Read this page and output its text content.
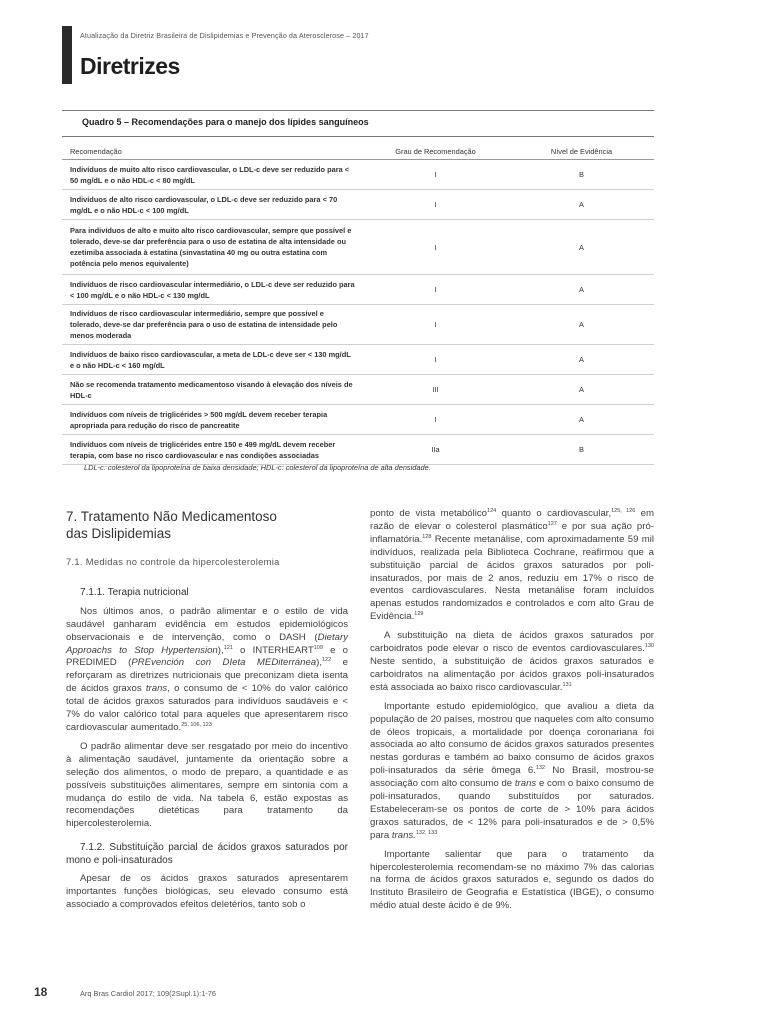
Atualização da Diretriz Brasileira de Dislipidemias e Prevenção da Aterosclerose – 2017
Diretrizes
Quadro 5 – Recomendações para o manejo dos lípides sanguíneos
Recomendação	Grau de Recomendação	Nível de Evidência
Indivíduos de muito alto risco cardiovascular, o LDL-c deve ser reduzido para < 50 mg/dL e o não HDL-c < 80 mg/dL	I	B
Indivíduos de alto risco cardiovascular, o LDL-c deve ser reduzido para < 70 mg/dL e o não HDL-c < 100 mg/dL	I	A
Para indivíduos de alto e muito alto risco cardiovascular, sempre que possível e tolerado, deve-se dar preferência para o uso de estatina de alta intensidade ou ezetimiba associada à estatina (sinvastatina 40 mg ou outra estatina com potência pelo menos equivalente)	I	A
Indivíduos de risco cardiovascular intermediário, o LDL-c deve ser reduzido para < 100 mg/dL e o não HDL-c < 130 mg/dL	I	A
Indivíduos de risco cardiovascular intermediário, sempre que possível e tolerado, deve-se dar preferência para o uso de estatina de intensidade pelo menos moderada	I	A
Indivíduos de baixo risco cardiovascular, a meta de LDL-c deve ser < 130 mg/dL e o não HDL-c < 160 mg/dL	I	A
Não se recomenda tratamento medicamentoso visando à elevação dos níveis de HDL-c	III	A
Indivíduos com níveis de triglicérides > 500 mg/dL devem receber terapia apropriada para redução do risco de pancreatite	I	A
Indivíduos com níveis de triglicérides entre 150 e 499 mg/dL devem receber terapia, com base no risco cardiovascular e nas condições associadas	IIa	B
LDL-c: colesterol da lipoproteína de baixa densidade; HDL-c: colesterol da lipoproteína de alta densidade.
7. Tratamento Não Medicamentoso
das Dislipidemias
7.1. Medidas no controle da hipercolesterolemia
7.1.1. Terapia nutricional

Nos últimos anos, o padrão alimentar e o estilo de vida saudável ganharam evidência em estudos epidemiológicos observacionais e de intervenção, como o DASH (Dietary Approachs to Stop Hypertension),$^{121}$ o INTERHEART$^{109}$ e o PREDIMED (PREvención con DIeta MEDiterránea),$^{122}$ e reforçaram as diretrizes nutricionais que preconizam dieta isenta de ácidos graxos trans, o consumo de < 10% do valor calórico total de ácidos graxos saturados para indivíduos saudáveis e < 7% do valor calórico total para aqueles que apresentarem risco cardiovascular aumentado.$^{25, 106, 123}$

O padrão alimentar deve ser resgatado por meio do incentivo à alimentação saudável, juntamente da orientação sobre a seleção dos alimentos, o modo de preparo, a quantidade e as possíveis substituições alimentares, sempre em sintonia com a mudança do estilo de vida. Na tabela 6, estão expostas as recomendações dietéticas para tratamento da hipercolesterolemia.

7.1.2. Substituição parcial de ácidos graxos saturados por mono e poli-insaturados

Apesar de os ácidos graxos saturados apresentarem importantes funções biológicas, seu elevado consumo está associado a comprovados efeitos deletérios, tanto sob o

ponto de vista metabólico$^{124}$ quanto o cardiovascular,$^{125, 126}$ em razão de elevar o colesterol plasmático$^{127}$ e por sua ação pró-inflamatória.$^{128}$ Recente metanálise, com aproximadamente 59 mil indivíduos, realizada pela Biblioteca Cochrane, reafirmou que a substituição parcial de ácidos graxos saturados por poli-insaturados, por mais de 2 anos, reduziu em 17% o risco de eventos cardiovasculares. Nesta metanálise foram incluídos apenas estudos randomizados e controlados e com alto Grau de Evidência.$^{129}$

A substituição na dieta de ácidos graxos saturados por carboidratos pode elevar o risco de eventos cardiovasculares.$^{130}$ Neste sentido, a substituição de ácidos graxos saturados e carboidratos na alimentação por ácidos graxos poli-insaturados está associada ao baixo risco cardiovascular.$^{131}$

Importante estudo epidemiológico, que avaliou a dieta da população de 20 países, mostrou que naqueles com alto consumo de óleos tropicais, a mortalidade por doença coronariana foi associada ao alto consumo de ácidos graxos saturados presentes nestas gorduras e também ao baixo consumo de ácidos graxos poli-insaturados da série ômega 6.$^{132}$ No Brasil, mostrou-se associação com alto consumo de trans e com o baixo consumo de poli-insaturados, quando substituídos por saturados. Estabeleceram-se os pontos de corte de > 10% para ácidos graxos saturados, de < 12% para poli-insaturados e de > 0,5% para trans.$^{132, 133}$

Importante salientar que para o tratamento da hipercolesterolemia recomendam-se no máximo 7% das calorias na forma de ácidos graxos saturados e, segundo os dados do Instituto Brasileiro de Geografia e Estatística (IBGE), o consumo médio atual deste ácido é de 9%.

18	Arq Bras Cardiol 2017; 109(2Supl.1):1-76
